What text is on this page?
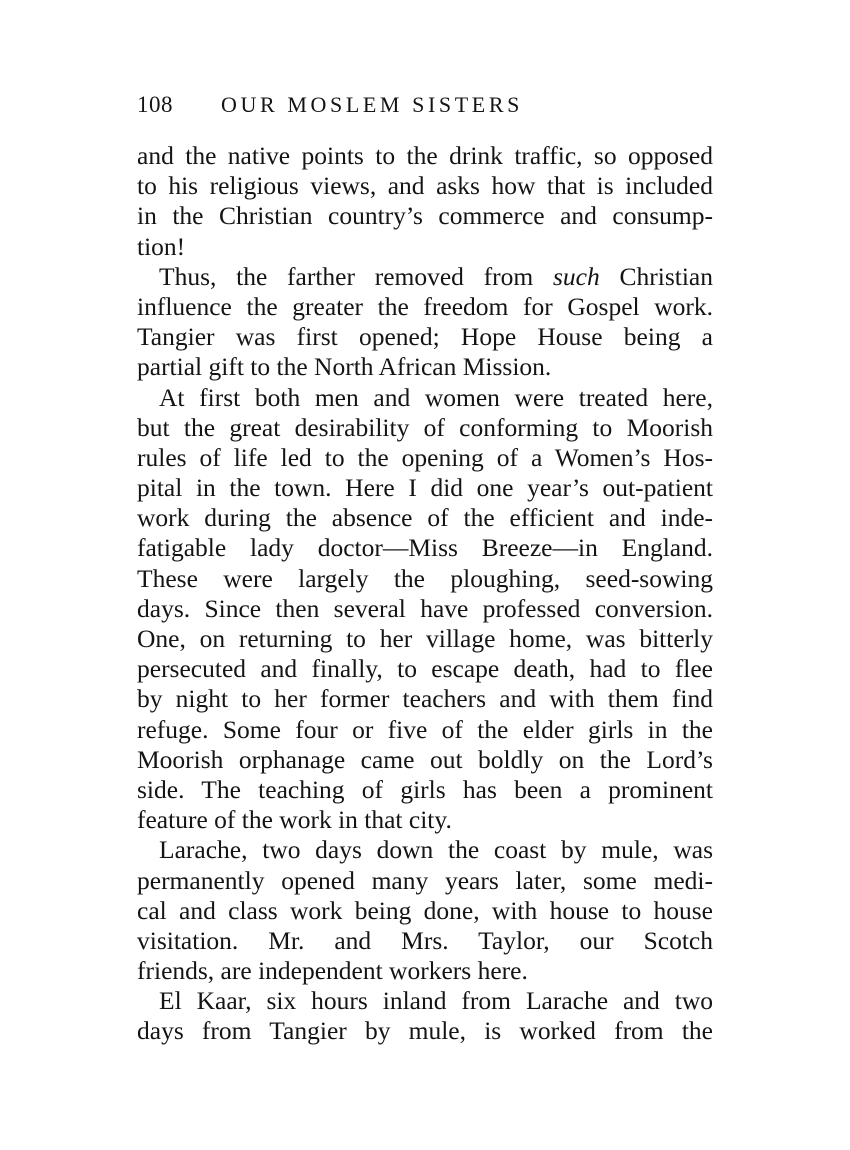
108 OUR MOSLEM SISTERS
and the native points to the drink traffic, so opposed
to his religious views, and asks how that is included
in the Christian country’s commerce and consump-
tion!
Thus, the farther removed from such Christian
influence the greater the freedom for Gospel work.
Tangier was first opened; Hope House being a
partial gift to the North African Mission.
At first both men and women were treated here,
but the great desirability of conforming to Moorish
rules of life led to the opening of a Women’s Hos-
pital in the town. Here I did one year’s out-patient
work during the absence of the efficient and inde-
fatigable lady doctor—Miss Breeze—in England.
These were largely the ploughing, seed-sowing
days. Since then several have professed conversion.
One, on returning to her village home, was bitterly
persecuted and finally, to escape death, had to flee
by night to her former teachers and with them find
refuge. Some four or five of the elder girls in the
Moorish orphanage came out boldly on the Lord’s
side. The teaching of girls has been a prominent
feature of the work in that city.
Larache, two days down the coast by mule, was
permanently opened many years later, some medi-
cal and class work being done, with house to house
visitation. Mr. and Mrs. Taylor, our Scotch
friends, are independent workers here.
El Kaar, six hours inland from Larache and two
days from Tangier by mule, is worked from the
